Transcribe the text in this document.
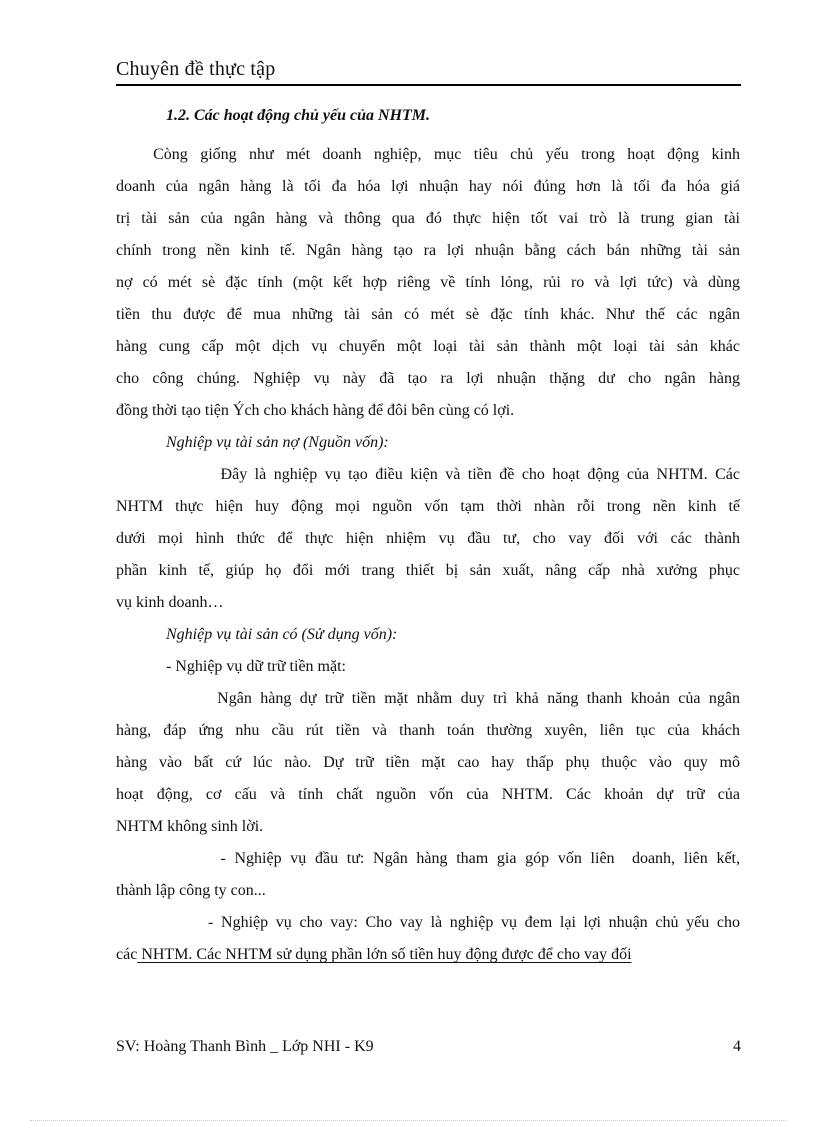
Chuyên đề thực tập
1.2. Các hoạt động chủ yếu của NHTM.
Còng giống như mét doanh nghiệp, mục tiêu chủ yếu trong hoạt động kinh
doanh của ngân hàng là tối đa hóa lợi nhuận hay nói đúng hơn là tối đa hóa giá
trị tài sản của ngân hàng và thông qua đó thực hiện tốt vai trò là trung gian tài
chính trong nền kinh tế. Ngân hàng tạo ra lợi nhuận bằng cách bán những tài sản
nợ có mét sè đặc tính (một kết hợp riêng về tính lỏng, rủi ro và lợi tức) và dùng
tiền thu được để mua những tài sản có mét sè đặc tính khác. Như thế các ngân
hàng cung cấp một dịch vụ chuyển một loại tài sản thành một loại tài sản khác
cho công chúng. Nghiệp vụ này đã tạo ra lợi nhuận thặng dư cho ngân hàng
đồng thời tạo tiện Ých cho khách hàng để đôi bên cùng có lợi.
Nghiệp vụ tài sản nợ (Nguồn vốn):
Đây là nghiệp vụ tạo điều kiện và tiền đề cho hoạt động của NHTM. Các
NHTM thực hiện huy động mọi nguồn vốn tạm thời nhàn rỗi trong nền kinh tế
dưới mọi hình thức để thực hiện nhiệm vụ đầu tư, cho vay đối với các thành
phần kinh tế, giúp họ đổi mới trang thiết bị sản xuất, nâng cấp nhà xưởng phục
vụ kinh doanh…
Nghiệp vụ tài sản có (Sử dụng vốn):
- Nghiệp vụ dữ trữ tiền mặt:
Ngân hàng dự trữ tiền mặt nhằm duy trì khả năng thanh khoản của ngân
hàng, đáp ứng nhu cầu rút tiền và thanh toán thường xuyên, liên tục của khách
hàng vào bất cứ lúc nào. Dự trữ tiền mặt cao hay thấp phụ thuộc vào quy mô
hoạt động, cơ cấu và tính chất nguồn vốn của NHTM. Các khoản dự trữ của
NHTM không sinh lời.
- Nghiệp vụ đầu tư: Ngân hàng tham gia góp vốn liên  doanh, liên kết,
thành lập công ty con...
- Nghiệp vụ cho vay: Cho vay là nghiệp vụ đem lại lợi nhuận chủ yếu cho
các NHTM. Các NHTM sử dụng phần lớn số tiền huy động được để cho vay đối
SV: Hoàng Thanh Bình _ Lớp NHI - K9	4
